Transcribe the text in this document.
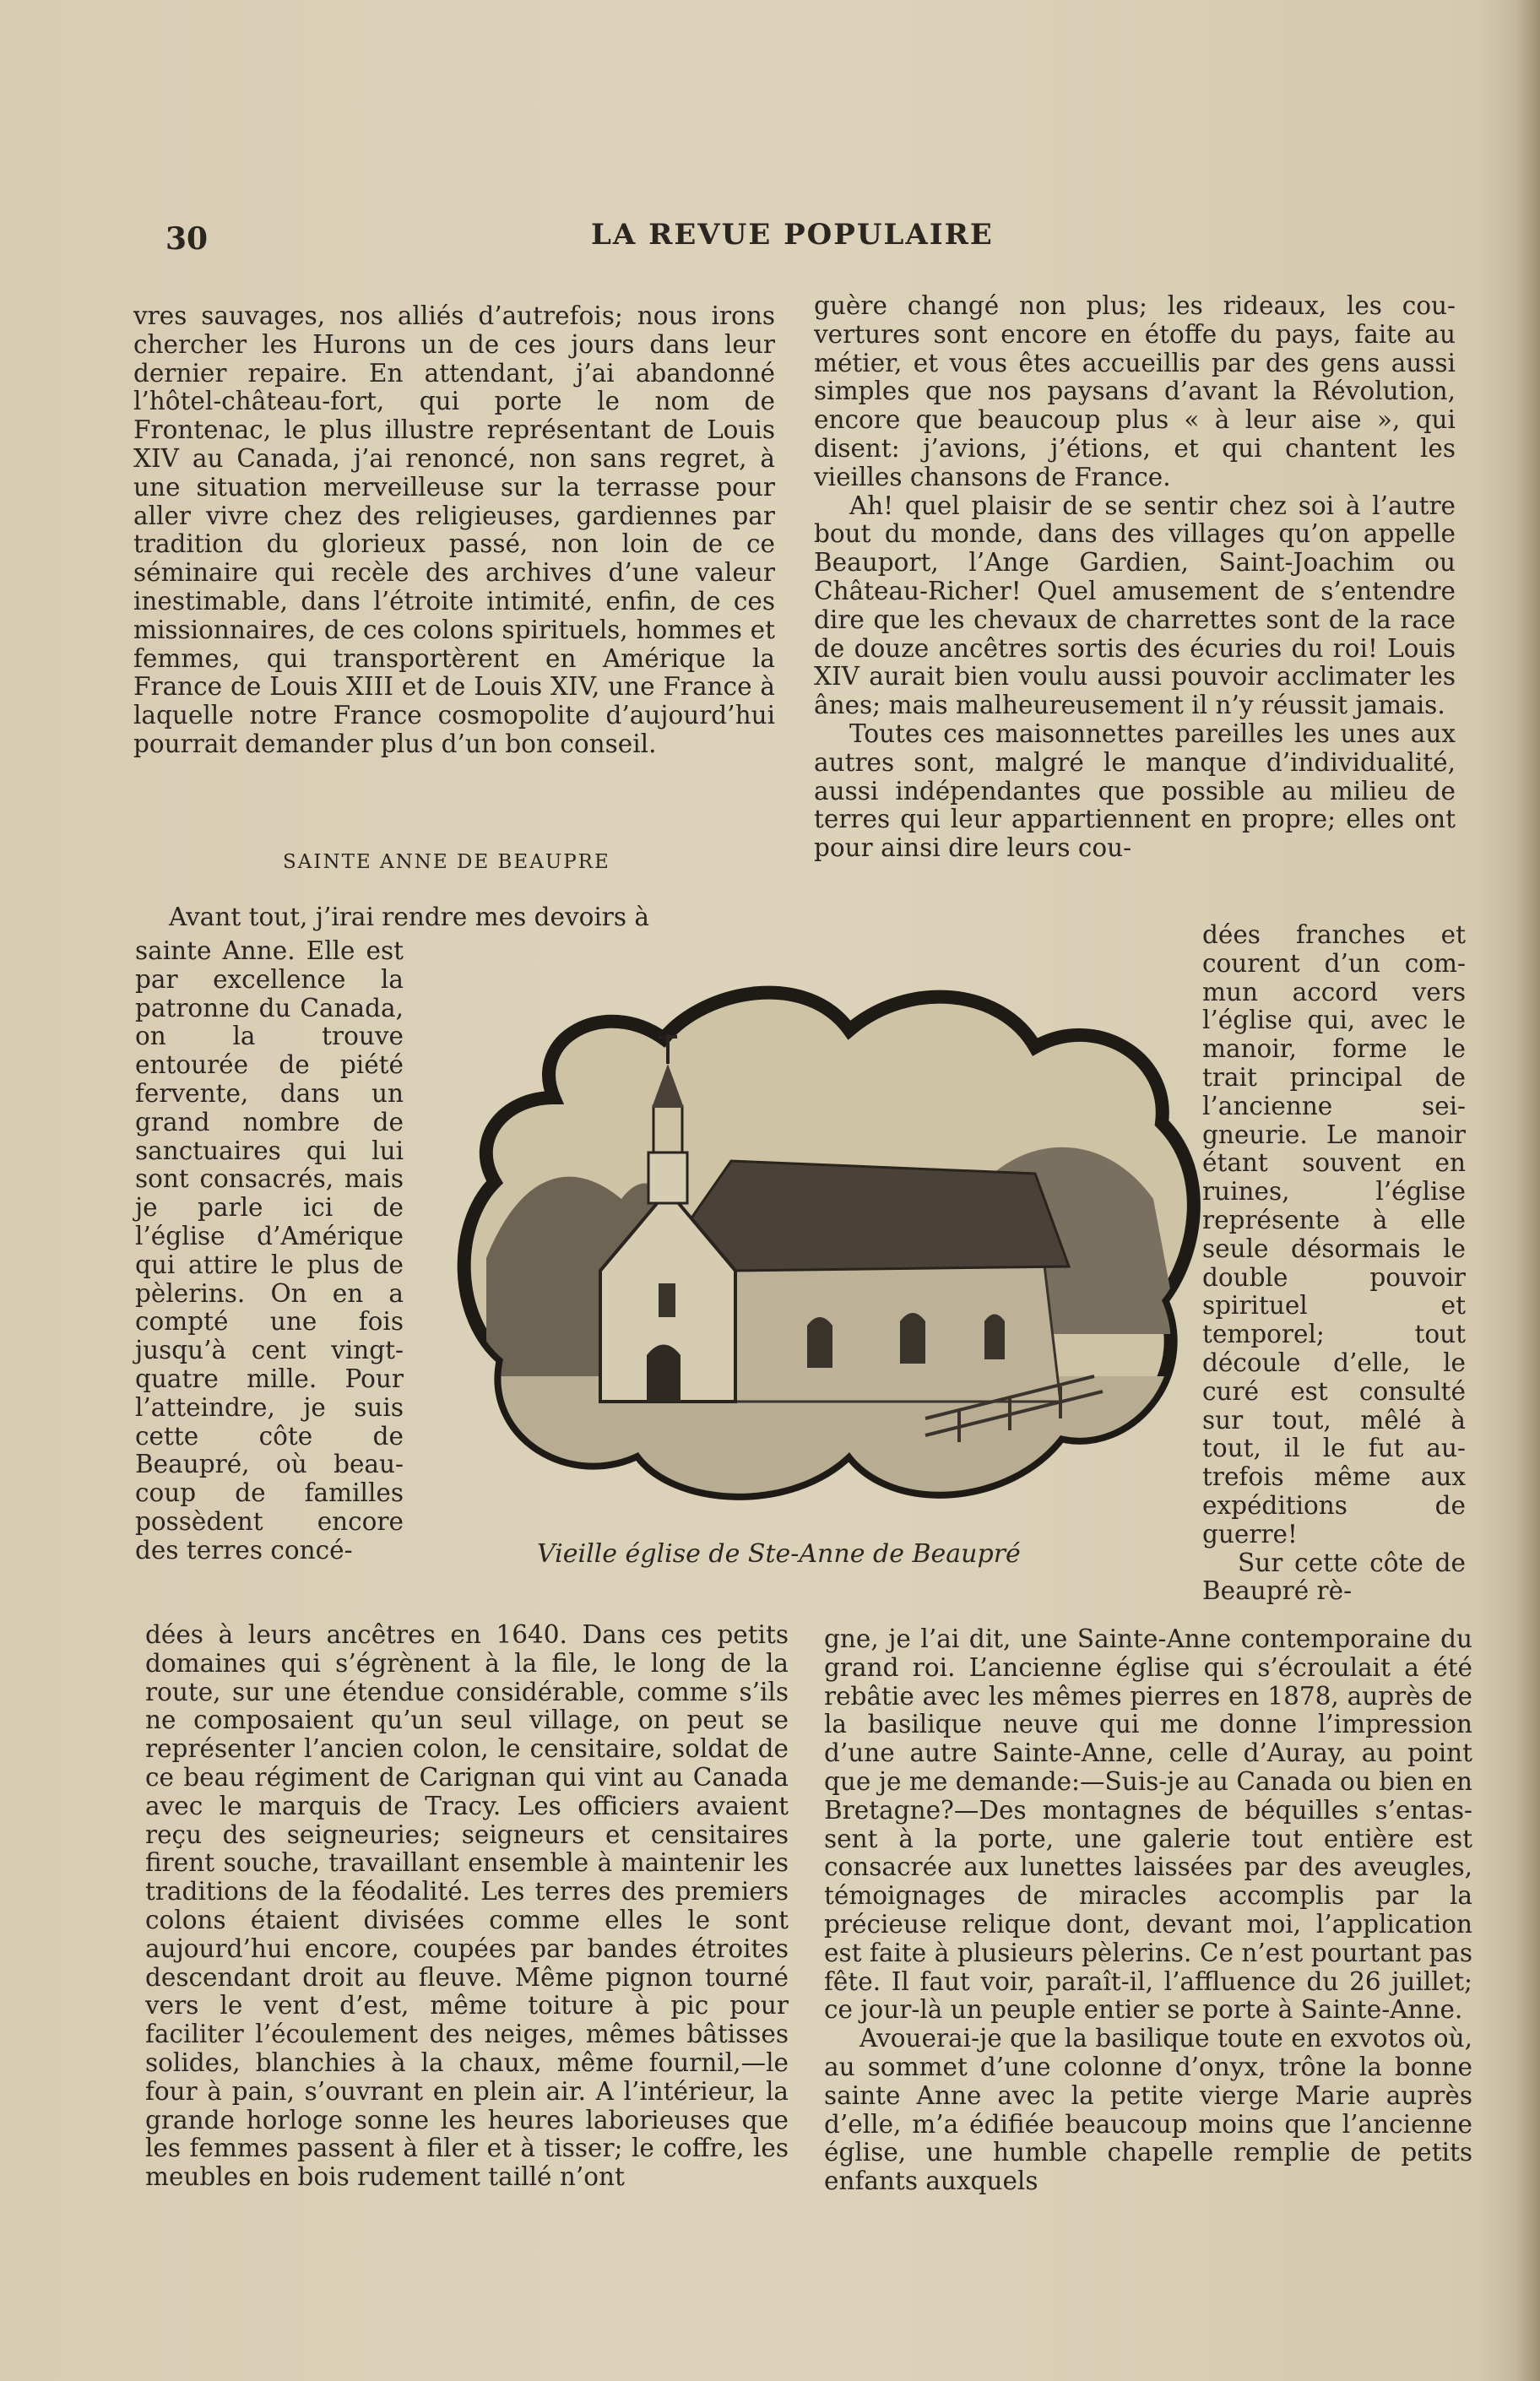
30	LA REVUE POPULAIRE

vres sauvages, nos alliés d’autrefois; nous irons chercher les Hurons un de ces jours dans leur dernier repaire. En attendant, j’ai abandonné l’hôtel-château-fort, qui porte le nom de Frontenac, le plus illustre représentant de Louis XIV au Canada, j’ai renoncé, non sans regret, à une situation merveilleuse sur la terrasse pour aller vivre chez des religieuses, gardiennes par tradition du glorieux passé, non loin de ce séminaire qui recèle des archives d’une valeur inestimable, dans l’étroite intimité, enfin, de ces missionnaires, de ces colons spirituels, hommes et femmes, qui transportèrent en Amérique la France de Louis XIII et de Louis XIV, une France à laquelle notre France cosmopolite d’aujourd’hui pourrait demander plus d’un bon conseil.

SAINTE ANNE DE BEAUPRE

Avant tout, j’irai rendre mes devoirs à

sainte Anne. Elle est par excellence la patronne du Canada, on la trouve entourée de piété fervente, dans un grand nombre de sanctuaires qui lui sont consacrés, mais je parle ici de l’église d’Amérique qui attire le plus de pèlerins. On en a compté une fois jusqu’à cent vingt-quatre mille. Pour l’atteindre, je suis cette côte de Beaupré, où beaucoup de familles possèdent encore des terres concé-

dées à leurs ancêtres en 1640. Dans ces petits domaines qui s’égrènent à la file, le long de la route, sur une étendue considérable, comme s’ils ne composaient qu’un seul village, on peut se représenter l’ancien colon, le censitaire, soldat de ce beau régiment de Carignan qui vint au Canada avec le marquis de Tracy. Les officiers avaient reçu des seigneuries; seigneurs et censitaires firent souche, travaillant ensemble à maintenir les traditions de la féodalité. Les terres des premiers colons étaient divisées comme elles le sont aujourd’hui encore, coupées par bandes étroites descendant droit au fleuve. Même pignon tourné vers le vent d’est, même toiture à pic pour faciliter l’écoulement des neiges, mêmes bâtisses solides, blanchies à la chaux, même fournil,—le four à pain, s’ouvrant en plein air. A l’intérieur, la grande horloge sonne les heures laborieuses que les femmes passent à filer et à tisser; le coffre, les meubles en bois rudement taillé n’ont

guère changé non plus; les rideaux, les couvertures sont encore en étoffe du pays, faite au métier, et vous êtes accueillis par des gens aussi simples que nos paysans d’avant la Révolution, encore que beaucoup plus « à leur aise », qui disent: j’avions, j’étions, et qui chantent les vieilles chansons de France.

Ah! quel plaisir de se sentir chez soi à l’autre bout du monde, dans des villages qu’on appelle Beauport, l’Ange Gardien, Saint-Joachim ou Château-Richer! Quel amusement de s’entendre dire que les chevaux de charrettes sont de la race de douze ancêtres sortis des écuries du roi! Louis XIV aurait bien voulu aussi pouvoir acclimater les ânes; mais malheureusement il n’y réussit jamais.

Toutes ces maisonnettes pareilles les unes aux autres sont, malgré le manque d’individualité, aussi indépendantes que possible au milieu de terres qui leur appartiennent en propre; elles ont pour ainsi dire leurs cou-

dées franches et courent d’un commun accord vers l’église qui, avec le manoir, forme le trait principal de l’ancienne seigneurie. Le manoir étant souvent en ruines, l’église représente à elle seule désormais le double pouvoir spirituel et temporel; tout découle d’elle, le curé est consulté sur tout, mêlé à tout, il le fut autrefois même aux expéditions de guerre!

Sur cette côte de Beaupré rè-

gne, je l’ai dit, une Sainte-Anne contemporaine du grand roi. L’ancienne église qui s’écroulait a été rebâtie avec les mêmes pierres en 1878, auprès de la basilique neuve qui me donne l’impression d’une autre Sainte-Anne, celle d’Auray, au point que je me demande:—Suis-je au Canada ou bien en Bretagne?—Des montagnes de béquilles s’entassent à la porte, une galerie tout entière est consacrée aux lunettes laissées par des aveugles, témoignages de miracles accomplis par la précieuse relique dont, devant moi, l’application est faite à plusieurs pèlerins. Ce n’est pourtant pas fête. Il faut voir, paraît-il, l’affluence du 26 juillet; ce jour-là un peuple entier se porte à Sainte-Anne.

Avouerai-je que la basilique toute en exvotos où, au sommet d’une colonne d’onyx, trône la bonne sainte Anne avec la petite vierge Marie auprès d’elle, m’a édifiée beaucoup moins que l’ancienne église, une humble chapelle remplie de petits enfants auxquels

Vieille église de Ste-Anne de Beaupré
